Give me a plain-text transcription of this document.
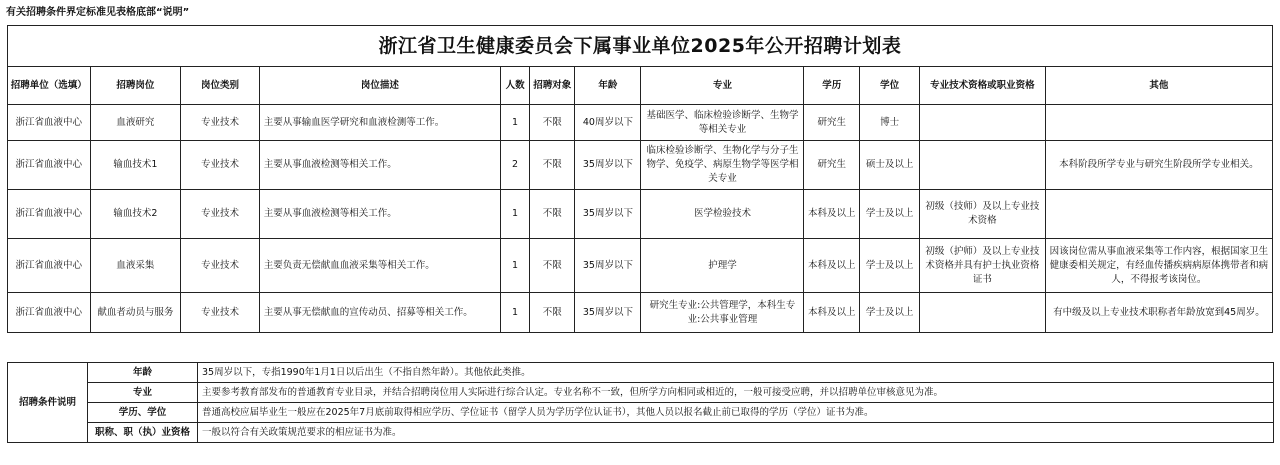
有关招聘条件界定标准见表格底部“说明”
浙江省卫生健康委员会下属事业单位2025年公开招聘计划表											
招聘单位（选填）	招聘岗位	岗位类别	岗位描述	人数	招聘对象	年龄	专业	学历	学位	专业技术资格或职业资格	其他
浙江省血液中心	血液研究	专业技术	主要从事输血医学研究和血液检测等工作。	1	不限	40周岁以下	基础医学、临床检验诊断学、生物学等相关专业	研究生	博士		
浙江省血液中心	输血技术1	专业技术	主要从事血液检测等相关工作。	2	不限	35周岁以下	临床检验诊断学、生物化学与分子生物学、免疫学、病原生物学等医学相关专业	研究生	硕士及以上		本科阶段所学专业与研究生阶段所学专业相关。
浙江省血液中心	输血技术2	专业技术	主要从事血液检测等相关工作。	1	不限	35周岁以下	医学检验技术	本科及以上	学士及以上	初级（技师）及以上专业技术资格	
浙江省血液中心	血液采集	专业技术	主要负责无偿献血血液采集等相关工作。	1	不限	35周岁以下	护理学	本科及以上	学士及以上	初级（护师）及以上专业技术资格并具有护士执业资格证书	因该岗位需从事血液采集等工作内容，根据国家卫生健康委相关规定，有经血传播疾病病原体携带者和病人，不得报考该岗位。
浙江省血液中心	献血者动员与服务	专业技术	主要从事无偿献血的宣传动员、招募等相关工作。	1	不限	35周岁以下	研究生专业:公共管理学，本科生专业:公共事业管理	本科及以上	学士及以上		有中级及以上专业技术职称者年龄放宽到45周岁。
招聘条件说明	年龄	35周岁以下，专指1990年1月1日以后出生（不指自然年龄）。其他依此类推。
	专业	主要参考教育部发布的普通教育专业目录，并结合招聘岗位用人实际进行综合认定。专业名称不一致，但所学方向相同或相近的，一般可接受应聘，并以招聘单位审核意见为准。
	学历、学位	普通高校应届毕业生一般应在2025年7月底前取得相应学历、学位证书（留学人员为学历学位认证书），其他人员以报名截止前已取得的学历（学位）证书为准。
	职称、职（执）业资格	一般以符合有关政策规范要求的相应证书为准。
